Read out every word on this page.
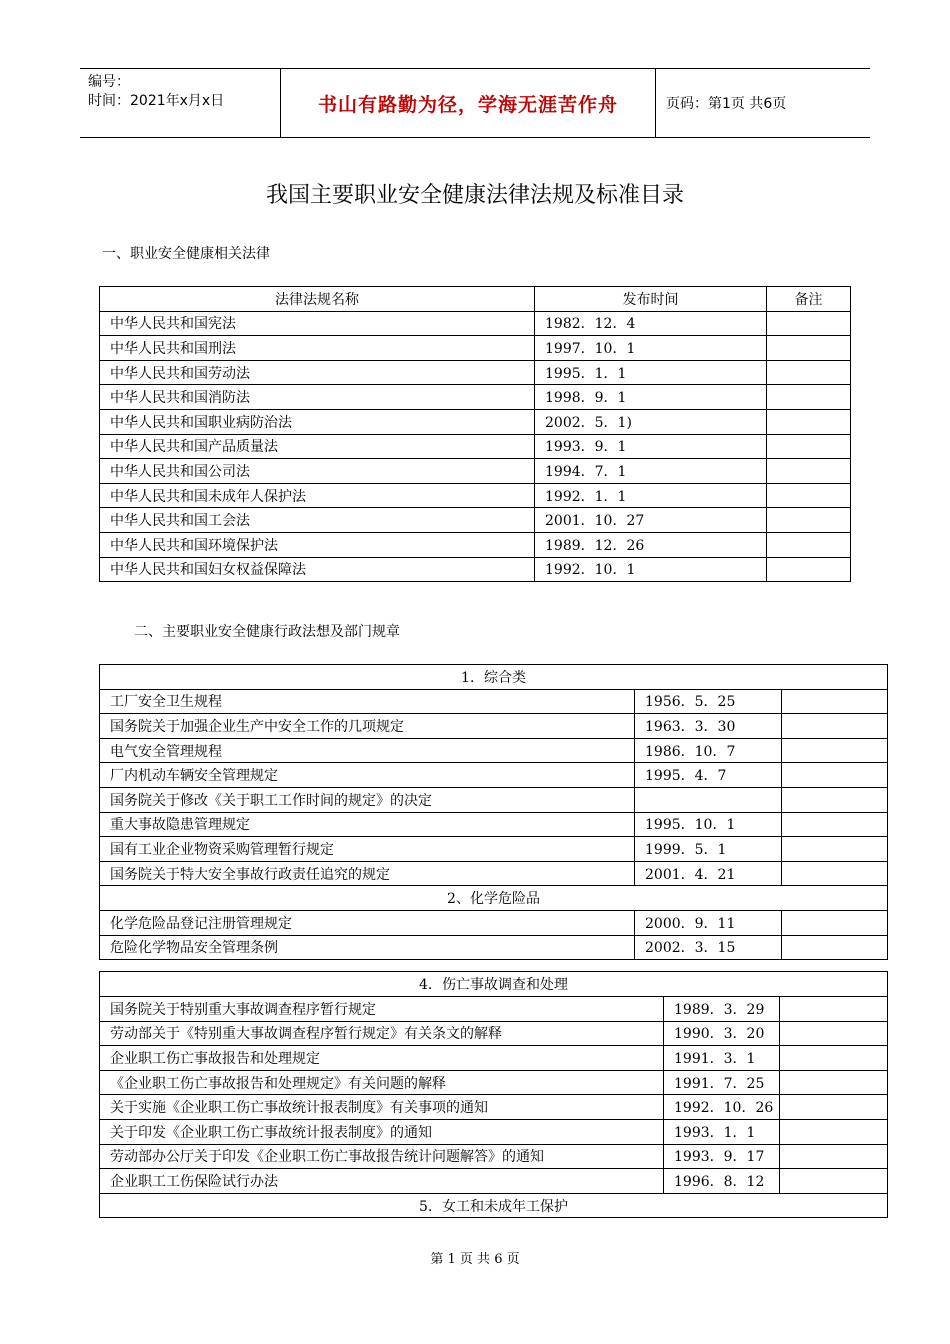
编号：
时间：2021年x月x日	书山有路勤为径，学海无涯苦作舟	页码：第1页 共6页
我国主要职业安全健康法律法规及标准目录
一、职业安全健康相关法律
法律法规名称	发布时间	备注
中华人民共和国宪法	1982．12．4	
中华人民共和国刑法	1997．10．1	
中华人民共和国劳动法	1995．1．1	
中华人民共和国消防法	1998．9．1	
中华人民共和国职业病防治法	2002．5．1)	
中华人民共和国产品质量法	1993．9．1	
中华人民共和国公司法	1994．7．1	
中华人民共和国未成年人保护法	1992．1．1	
中华人民共和国工会法	2001．10．27	
中华人民共和国环境保护法	1989．12．26	
中华人民共和国妇女权益保障法	1992．10．1	
二、主要职业安全健康行政法想及部门规章
1．综合类		
工厂安全卫生规程	1956．5．25	
国务院关于加强企业生产中安全工作的几项规定	1963．3．30	
电气安全管理规程	1986．10．7	
厂内机动车辆安全管理规定	1995．4．7	
国务院关于修改《关于职工工作时间的规定》的决定		
重大事故隐患管理规定	1995．10．1	
国有工业企业物资采购管理暂行规定	1999．5．1	
国务院关于特大安全事故行政责任追究的规定	2001．4．21	
2、化学危险品		
化学危险品登记注册管理规定	2000．9．11	
危险化学物品安全管理条例	2002．3．15	
4．伤亡事故调查和处理		
国务院关于特别重大事故调查程序暂行规定	1989．3．29	
劳动部关于《特别重大事故调查程序暂行规定》有关条文的解释	1990．3．20	
企业职工伤亡事故报告和处理规定	1991．3．1	
《企业职工伤亡事故报告和处理规定》有关问题的解释	1991．7．25	
关于实施《企业职工伤亡事故统计报表制度》有关事项的通知	1992．10．26	
关于印发《企业职工伤亡事故统计报表制度》的通知	1993．1．1	
劳动部办公厅关于印发《企业职工伤亡事故报告统计问题解答》的通知	1993．9．17	
企业职工工伤保险试行办法	1996．8．12	
5．女工和未成年工保护		
第 1 页 共 6 页
